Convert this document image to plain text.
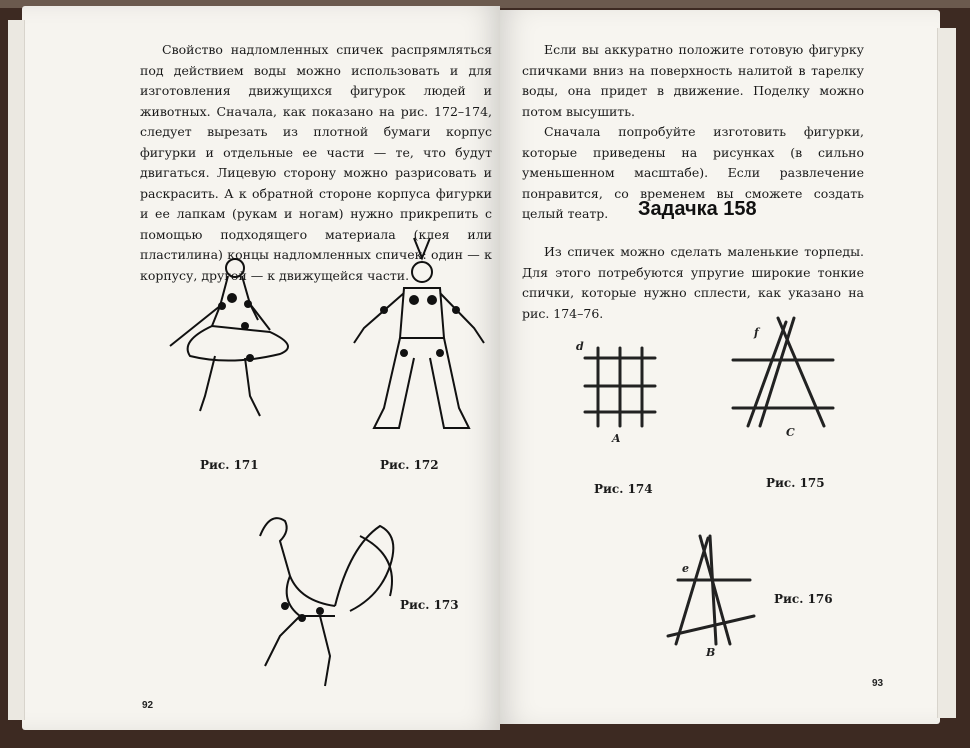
Свойство надломленных спичек распрямляться под действием воды можно использовать и для изготовления движущихся фигурок людей и животных. Сначала, как показано на рис. 172–174, следует вырезать из плотной бумаги корпус фигурки и отдельные ее части — те, что будут двигаться. Лицевую сторону можно разрисовать и раскрасить. А к обратной стороне корпуса фигурки и ее лапкам (рукам и ногам) нужно прикрепить с помощью подходящего материала (клея или пластилина) концы надломленных спичек: один — к корпусу, другой — к движущейся части.

Рис. 171	Рис. 172
Рис. 173
92

Если вы аккуратно положите готовую фигурку спичками вниз на поверхность налитой в тарелку воды, она придет в движение. Поделку можно потом высушить.

Сначала попробуйте изготовить фигурки, которые приведены на рисунках (в сильно уменьшенном масштабе). Если развлечение понравится, со временем вы сможете создать целый театр.	Задачка 158

Из спичек можно сделать маленькие торпеды. Для этого потребуются упругие широкие тонкие спички, которые нужно сплести, как указано на рис. 174–76.

d
A
Рис. 174
f
C
Рис. 175
e
B
Рис. 176
93
